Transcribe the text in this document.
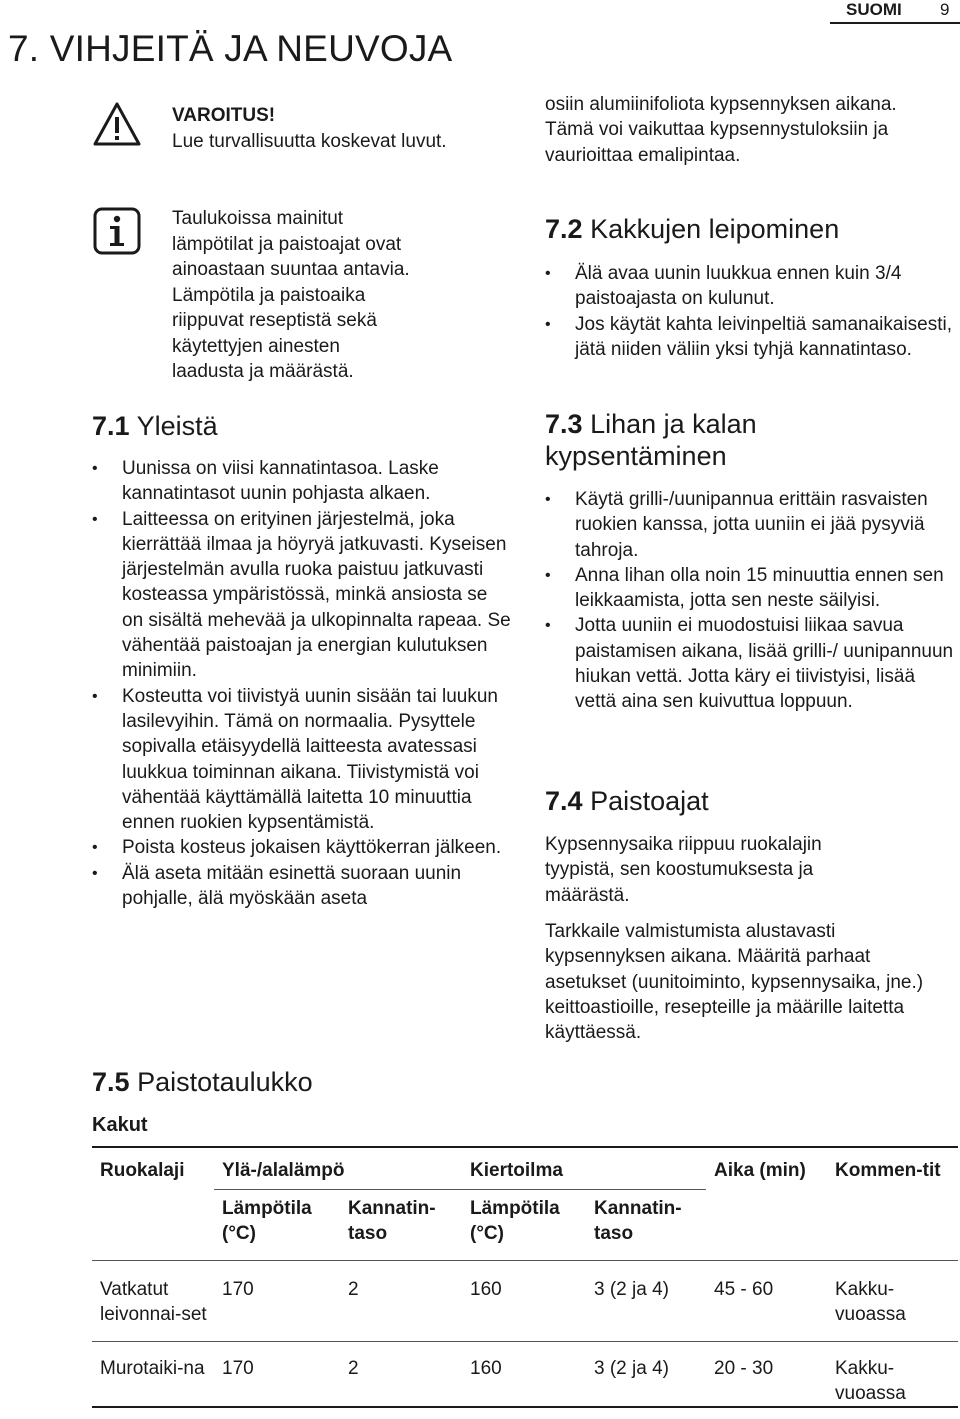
SUOMI 9
7. VIHJEITÄ JA NEUVOJA
VAROITUS!
Lue turvallisuutta koskevat luvut.
Taulukoissa mainitut lämpötilat ja paistoajat ovat ainoastaan suuntaa antavia. Lämpötila ja paistoaika riippuvat reseptistä sekä käytettyjen ainesten laadusta ja määrästä.
7.1 Yleistä
• Uunissa on viisi kannatintasoa. Laske kannatintasot uunin pohjasta alkaen.
• Laitteessa on erityinen järjestelmä, joka kierrättää ilmaa ja höyryä jatkuvasti. Kyseisen järjestelmän avulla ruoka paistuu jatkuvasti kosteassa ympäristössä, minkä ansiosta se on sisältä mehevää ja ulkopinnalta rapeaa. Se vähentää paistoajan ja energian kulutuksen minimiin.
• Kosteutta voi tiivistyä uunin sisään tai luukun lasilevyihin. Tämä on normaalia. Pysyttele sopivalla etäisyydellä laitteesta avatessasi luukkua toiminnan aikana. Tiivistymistä voi vähentää käyttämällä laitetta 10 minuuttia ennen ruokien kypsentämistä.
• Poista kosteus jokaisen käyttökerran jälkeen.
• Älä aseta mitään esinettä suoraan uunin pohjalle, älä myöskään aseta
osiin alumiinifoliota kypsennyksen aikana. Tämä voi vaikuttaa kypsennystuloksiin ja vaurioittaa emalipintaa.
7.2 Kakkujen leipominen
• Älä avaa uunin luukkua ennen kuin 3/4 paistoajasta on kulunut.
• Jos käytät kahta leivinpeltiä samanaikaisesti, jätä niiden väliin yksi tyhjä kannatintaso.
7.3 Lihan ja kalan
kypsentäminen
• Käytä grilli-/uunipannua erittäin rasvaisten ruokien kanssa, jotta uuniin ei jää pysyviä tahroja.
• Anna lihan olla noin 15 minuuttia ennen sen leikkaamista, jotta sen neste säilyisi.
• Jotta uuniin ei muodostuisi liikaa savua paistamisen aikana, lisää grilli-/ uunipannuun hiukan vettä. Jotta käry ei tiivistyisi, lisää vettä aina sen kuivuttua loppuun.
7.4 Paistoajat
Kypsennysaika riippuu ruokalajin tyypistä, sen koostumuksesta ja määrästä.
Tarkkaile valmistumista alustavasti kypsennyksen aikana. Määritä parhaat asetukset (uunitoiminto, kypsennysaika, jne.) keittoastioille, resepteille ja määrille laitetta käyttäessä.
7.5 Paistotaulukko
Kakut
Ruokalaji	Ylä-/alalämpö		Kiertoilma		Aika (min)	Kommen-tit
	Lämpötila (°C)	Kannatin-taso	Lämpötila (°C)	Kannatin-taso		
Vatkatut leivonnai-set	170	2	160	3 (2 ja 4)	45 - 60	Kakku-vuoassa
Murotaiki-na	170	2	160	3 (2 ja 4)	20 - 30	Kakku-vuoassa
